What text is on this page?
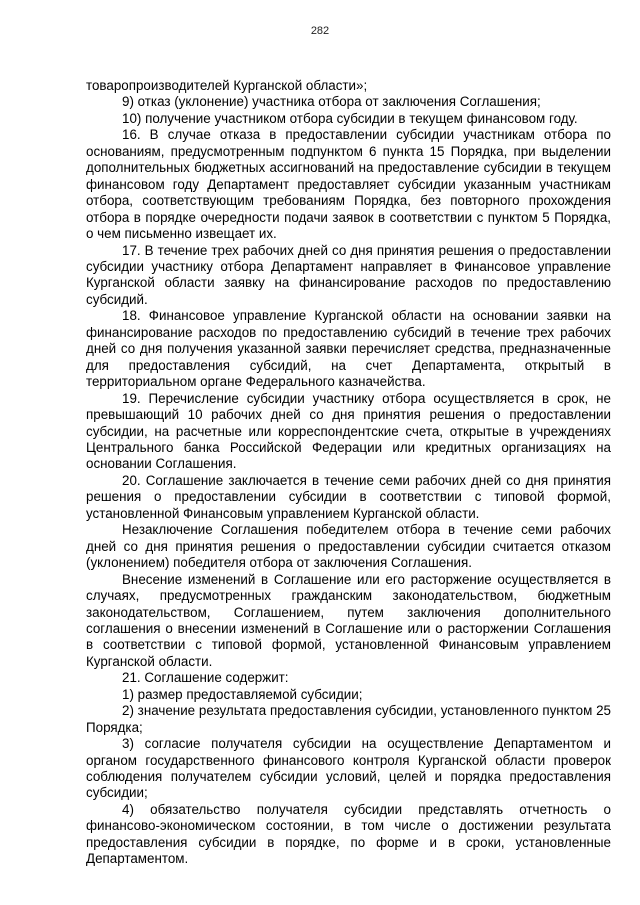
282

товаропроизводителей Курганской области»;

9) отказ (уклонение) участника отбора от заключения Соглашения;

10) получение участником отбора субсидии в текущем финансовом году.

16. В случае отказа в предоставлении субсидии участникам отбора по основаниям, предусмотренным подпунктом 6 пункта 15 Порядка, при выделении дополнительных бюджетных ассигнований на предоставление субсидии в текущем финансовом году Департамент предоставляет субсидии указанным участникам отбора, соответствующим требованиям Порядка, без повторного прохождения отбора в порядке очередности подачи заявок в соответствии с пунктом 5 Порядка, о чем письменно извещает их.

17. В течение трех рабочих дней со дня принятия решения о предоставлении субсидии участнику отбора Департамент направляет в Финансовое управление Курганской области заявку на финансирование расходов по предоставлению субсидий.

18. Финансовое управление Курганской области на основании заявки на финансирование расходов по предоставлению субсидий в течение трех рабочих дней со дня получения указанной заявки перечисляет средства, предназначенные для предоставления субсидий, на счет Департамента, открытый в территориальном органе Федерального казначейства.

19. Перечисление субсидии участнику отбора осуществляется в срок, не превышающий 10 рабочих дней со дня принятия решения о предоставлении субсидии, на расчетные или корреспондентские счета, открытые в учреждениях Центрального банка Российской Федерации или кредитных организациях на основании Соглашения.

20. Соглашение заключается в течение семи рабочих дней со дня принятия решения о предоставлении субсидии в соответствии с типовой формой, установленной Финансовым управлением Курганской области.

Незаключение Соглашения победителем отбора в течение семи рабочих дней со дня принятия решения о предоставлении субсидии считается отказом (уклонением) победителя отбора от заключения Соглашения.

Внесение изменений в Соглашение или его расторжение осуществляется в случаях, предусмотренных гражданским законодательством, бюджетным законодательством, Соглашением, путем заключения дополнительного соглашения о внесении изменений в Соглашение или о расторжении Соглашения в соответствии с типовой формой, установленной Финансовым управлением Курганской области.

21. Соглашение содержит:

1) размер предоставляемой субсидии;

2) значение результата предоставления субсидии, установленного пунктом 25 Порядка;

3) согласие получателя субсидии на осуществление Департаментом и органом государственного финансового контроля Курганской области проверок соблюдения получателем субсидии условий, целей и порядка предоставления субсидии;

4) обязательство получателя субсидии представлять отчетность о финансово-экономическом состоянии, в том числе о достижении результата предоставления субсидии в порядке, по форме и в сроки, установленные Департаментом.
